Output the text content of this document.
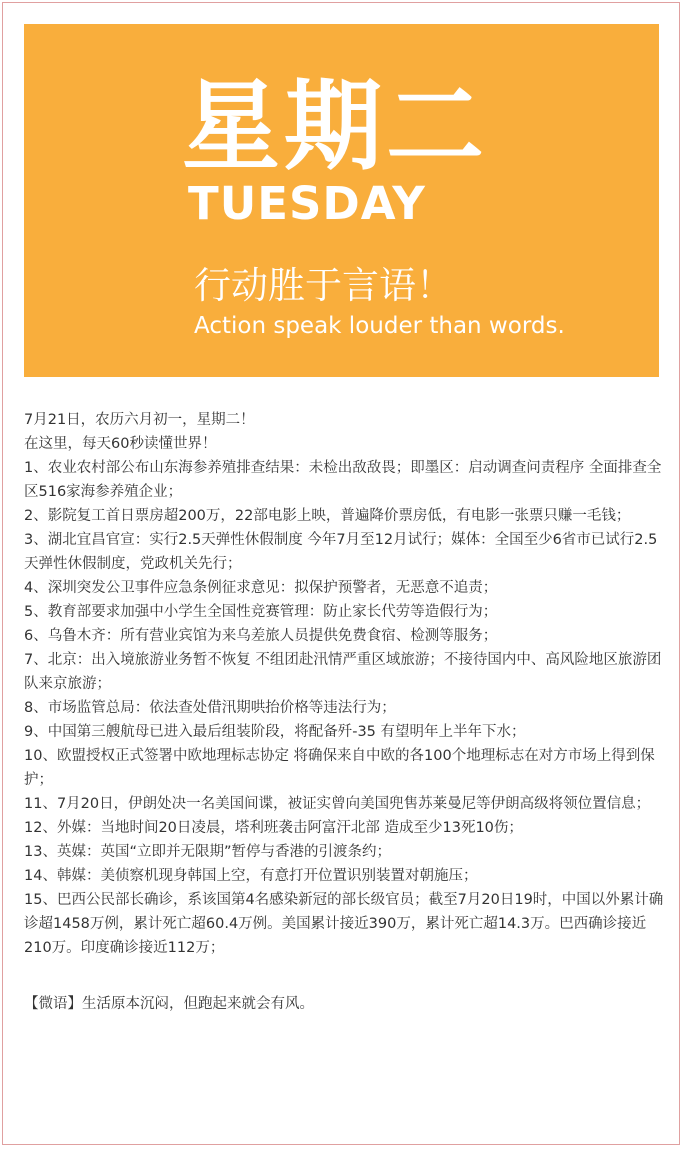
星期二
TUESDAY
行动胜于言语！
Action speak louder than words.

7月21日，农历六月初一，星期二！

在这里，每天60秒读懂世界！

1、农业农村部公布山东海参养殖排查结果：未检出敌敌畏；即墨区：启动调查问责程序 全面排查全区516家海参养殖企业；

2、影院复工首日票房超200万，22部电影上映，普遍降价票房低，有电影一张票只赚一毛钱；

3、湖北宜昌官宣：实行2.5天弹性休假制度 今年7月至12月试行；媒体：全国至少6省市已试行2.5天弹性休假制度，党政机关先行；

4、深圳突发公卫事件应急条例征求意见：拟保护预警者，无恶意不追责；

5、教育部要求加强中小学生全国性竞赛管理：防止家长代劳等造假行为；

6、乌鲁木齐：所有营业宾馆为来乌差旅人员提供免费食宿、检测等服务；

7、北京：出入境旅游业务暂不恢复 不组团赴汛情严重区域旅游；不接待国内中、高风险地区旅游团队来京旅游；

8、市场监管总局：依法查处借汛期哄抬价格等违法行为；

9、中国第三艘航母已进入最后组装阶段，将配备歼-35 有望明年上半年下水；

10、欧盟授权正式签署中欧地理标志协定 将确保来自中欧的各100个地理标志在对方市场上得到保护；

11、7月20日，伊朗处决一名美国间谍，被证实曾向美国兜售苏莱曼尼等伊朗高级将领位置信息；

12、外媒：当地时间20日凌晨，塔利班袭击阿富汗北部 造成至少13死10伤；

13、英媒：英国“立即并无限期”暂停与香港的引渡条约；

14、韩媒：美侦察机现身韩国上空，有意打开位置识别装置对朝施压；

15、巴西公民部长确诊，系该国第4名感染新冠的部长级官员；截至7月20日19时，中国以外累计确诊超1458万例，累计死亡超60.4万例。美国累计接近390万，累计死亡超14.3万。巴西确诊接近210万。印度确诊接近112万；

【微语】生活原本沉闷，但跑起来就会有风。
